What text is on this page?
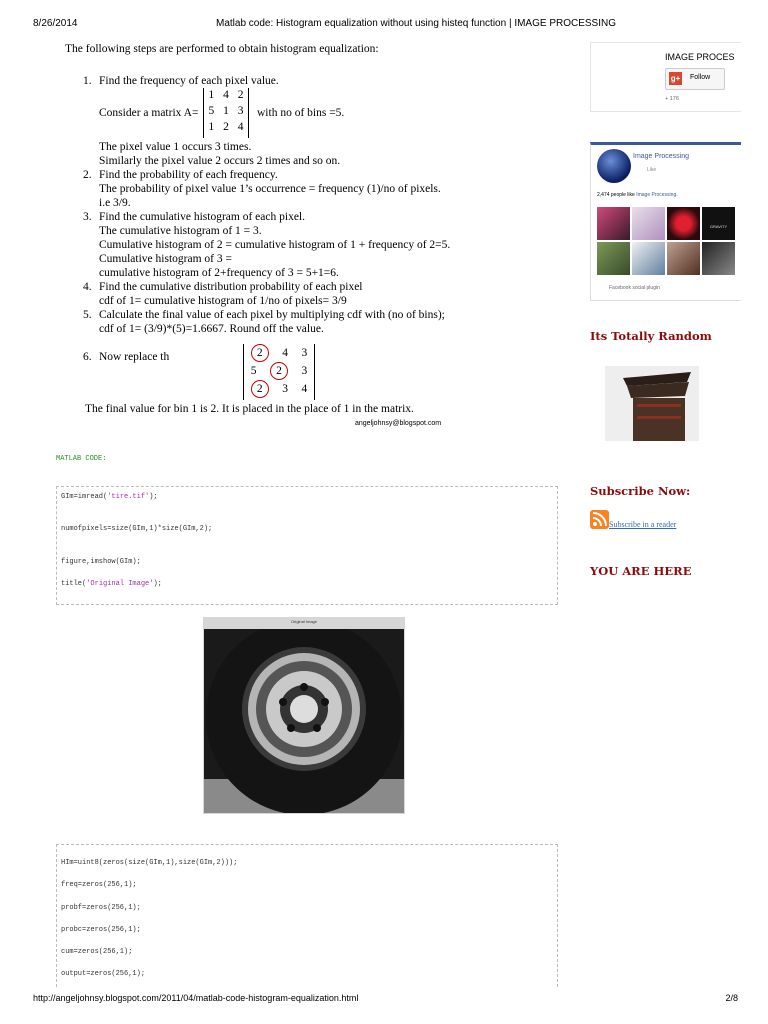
8/26/2014	Matlab code: Histogram equalization without using histeq function | IMAGE PROCESSING
The following steps are performed to obtain histogram equalization:
1. Find the frequency of each pixel value.
Consider a matrix A=
1 4 2
5 1 3
1 2 4
with no of bins =5.
The pixel value 1 occurs 3 times.
Similarly the pixel value 2 occurs 2 times and so on.
2. Find the probability of each frequency.
The probability of pixel value 1’s occurrence = frequency (1)/no of pixels.
i.e 3/9.
3. Find the cumulative histogram of each pixel.
The cumulative histogram of 1 = 3.
Cumulative histogram of 2 = cumulative histogram of 1 + frequency of 2=5.
Cumulative histogram of 3 =
cumulative histogram of 2+frequency of 3 = 5+1=6.
4. Find the cumulative distribution probability of each pixel
cdf of 1= cumulative histogram of 1/no of pixels= 3/9
5. Calculate the final value of each pixel by multiplying cdf with (no of bins);
cdf of 1= (3/9)*(5)=1.6667. Round off the value.
6. Now replace th	2	4 3
5	2	3
2	3 4
The final value for bin 1 is 2. It is placed in the place of 1 in the matrix.
angeljohnsy@blogspot.com
MATLAB CODE:
GIm=imread('tire.tif');
numofpixels=size(GIm,1)*size(GIm,2);
figure,imshow(GIm);
title('Original Image');
Original Image
HIm=uint8(zeros(size(GIm,1),size(GIm,2)));
freq=zeros(256,1);
probf=zeros(256,1);
probc=zeros(256,1);
cum=zeros(256,1);
output=zeros(256,1);
IMAGE PROCES
g+ Follow
+ 176
Image Processing
Like
2,474 people like Image Processing.
GRAVITY
Facebook social plugin
Its Totally Random
Subscribe Now:
Subscribe in a reader
YOU ARE HERE
http://angeljohnsy.blogspot.com/2011/04/matlab-code-histogram-equalization.html	2/8
